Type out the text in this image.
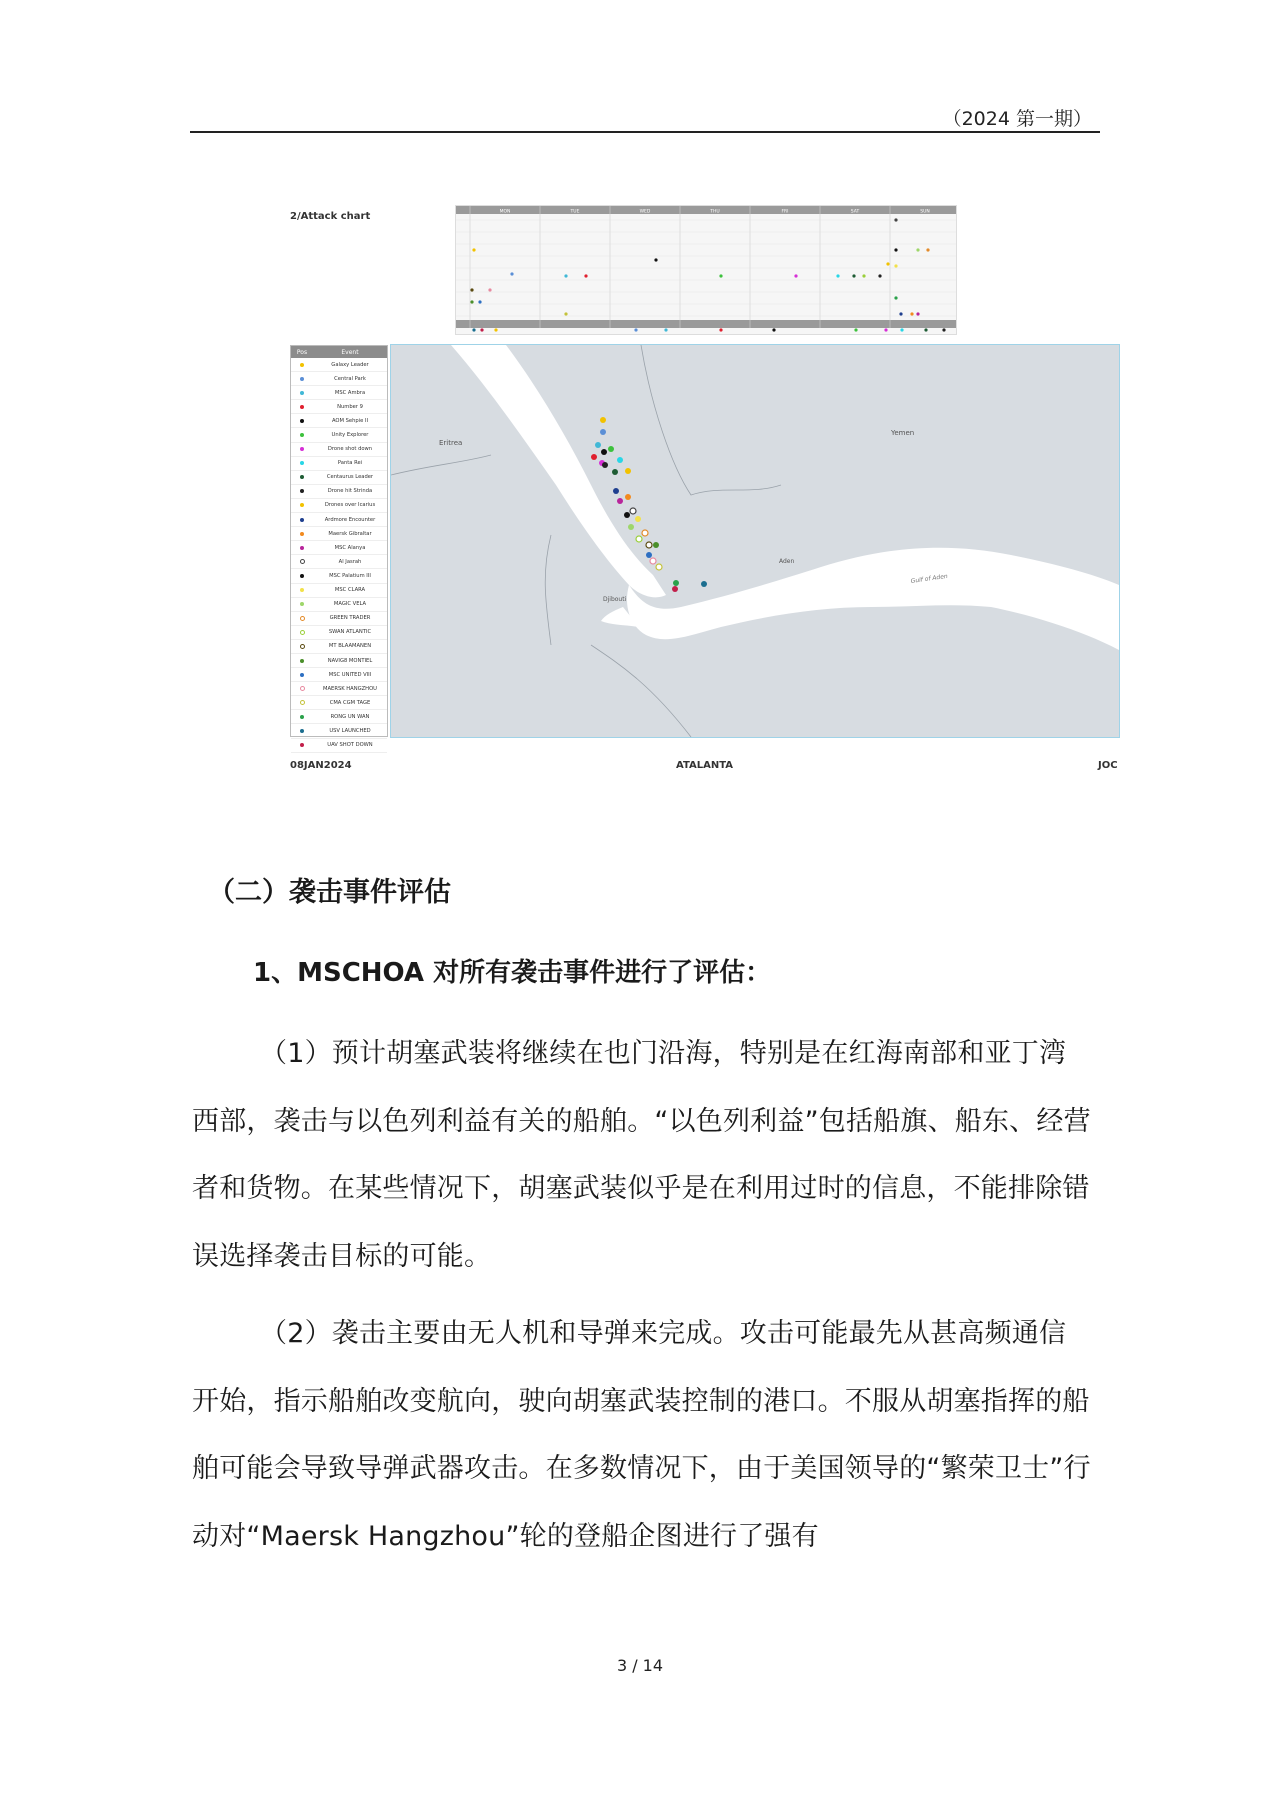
（2024 第一期）
2/Attack chart	MON	TUE	WED	THU	FRI	SAT	SUN
Pos	Event
Galaxy Leader
Central Park
MSC Ambra
Number 9
AOM Sehpie II
Unity Explorer
Drone shot down
Panta Rei
Centaurus Leader
Drone hit Strinda
Drones over Icarius
Ardmore Encounter
Maersk Gibraltar
MSC Alanya
Al Jasrah
MSC Palatium III
MSC CLARA
MAGIC VELA
GREEN TRADER
SWAN ATLANTIC
MT BLAAMANEN
NAVIG8 MONTIEL
MSC UNITED VIII
MAERSK HANGZHOU
CMA CGM TAGE
RONG UN WAN
USV LAUNCHED
UAV SHOT DOWN
Eritrea
Yemen
Aden
Gulf of Aden
Djibouti
08JAN2024	ATALANTA	JOC
（二）袭击事件评估
1、MSCHOA 对所有袭击事件进行了评估：
（1）预计胡塞武装将继续在也门沿海，特别是在红海南部和亚丁湾西部，袭击与以色列利益有关的船舶。“以色列利益”包括船旗、船东、经营者和货物。在某些情况下，胡塞武装似乎是在利用过时的信息，不能排除错误选择袭击目标的可能。
（2）袭击主要由无人机和导弹来完成。攻击可能最先从甚高频通信开始，指示船舶改变航向，驶向胡塞武装控制的港口。不服从胡塞指挥的船舶可能会导致导弹武器攻击。在多数情况下，由于美国领导的“繁荣卫士”行动对“Maersk Hangzhou”轮的登船企图进行了强有
3 / 14
